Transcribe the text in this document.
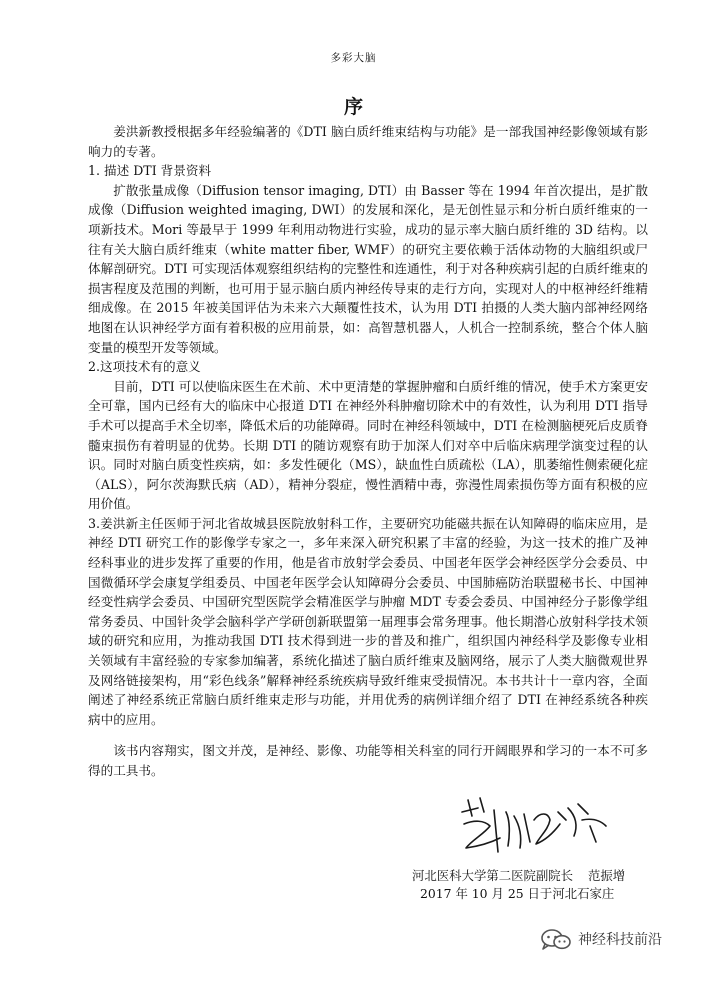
多彩大脑
序

姜洪新教授根据多年经验编著的《DTI 脑白质纤维束结构与功能》是一部我国神经影像领域有影响力的专著。

1. 描述 DTI 背景资料

扩散张量成像（Diffusion tensor imaging, DTI）由 Basser 等在 1994 年首次提出，是扩散成像（Diffusion weighted imaging, DWI）的发展和深化，是无创性显示和分析白质纤维束的一项新技术。Mori 等最早于 1999 年利用动物进行实验，成功的显示率大脑白质纤维的 3D 结构。以往有关大脑白质纤维束（white matter fiber, WMF）的研究主要依赖于活体动物的大脑组织或尸体解剖研究。DTI 可实现活体观察组织结构的完整性和连通性，利于对各种疾病引起的白质纤维束的损害程度及范围的判断，也可用于显示脑白质内神经传导束的走行方向，实现对人的中枢神经纤维精细成像。在 2015 年被美国评估为未来六大颠覆性技术，认为用 DTI 拍摄的人类大脑内部神经网络地图在认识神经学方面有着积极的应用前景，如：高智慧机器人，人机合一控制系统，整合个体人脑变量的模型开发等领域。

2.这项技术有的意义

目前，DTI 可以使临床医生在术前、术中更清楚的掌握肿瘤和白质纤维的情况，使手术方案更安全可靠，国内已经有大的临床中心报道 DTI 在神经外科肿瘤切除术中的有效性，认为利用 DTI 指导手术可以提高手术全切率，降低术后的功能障碍。同时在神经科领域中，DTI 在检测脑梗死后皮质脊髓束损伤有着明显的优势。长期 DTI 的随访观察有助于加深人们对卒中后临床病理学演变过程的认识。同时对脑白质变性疾病，如：多发性硬化（MS），缺血性白质疏松（LA），肌萎缩性侧索硬化症（ALS），阿尔茨海默氏病（AD），精神分裂症，慢性酒精中毒，弥漫性周索损伤等方面有积极的应用价值。

3.姜洪新主任医师于河北省故城县医院放射科工作，主要研究功能磁共振在认知障碍的临床应用，是神经 DTI 研究工作的影像学专家之一，多年来深入研究积累了丰富的经验，为这一技术的推广及神经科事业的进步发挥了重要的作用，他是省市放射学会委员、中国老年医学会神经医学分会委员、中国微循环学会康复学组委员、中国老年医学会认知障碍分会委员、中国肺癌防治联盟秘书长、中国神经变性病学会委员、中国研究型医院学会精准医学与肿瘤 MDT 专委会委员、中国神经分子影像学组常务委员、中国针灸学会脑科学产学研创新联盟第一届理事会常务理事。他长期潜心放射科学技术领域的研究和应用，为推动我国 DTI 技术得到进一步的普及和推广，组织国内神经科学及影像专业相关领域有丰富经验的专家参加编著，系统化描述了脑白质纤维束及脑网络，展示了人类大脑微观世界及网络链接架构，用“彩色线条”解释神经系统疾病导致纤维束受损情况。本书共计十一章内容，全面阐述了神经系统正常脑白质纤维束走形与功能，并用优秀的病例详细介绍了 DTI 在神经系统各种疾病中的应用。

该书内容翔实，图文并茂，是神经、影像、功能等相关科室的同行开阔眼界和学习的一本不可多得的工具书。

河北医科大学第二医院副院长 范振增
2017 年 10 月 25 日于河北石家庄
神经科技前沿
